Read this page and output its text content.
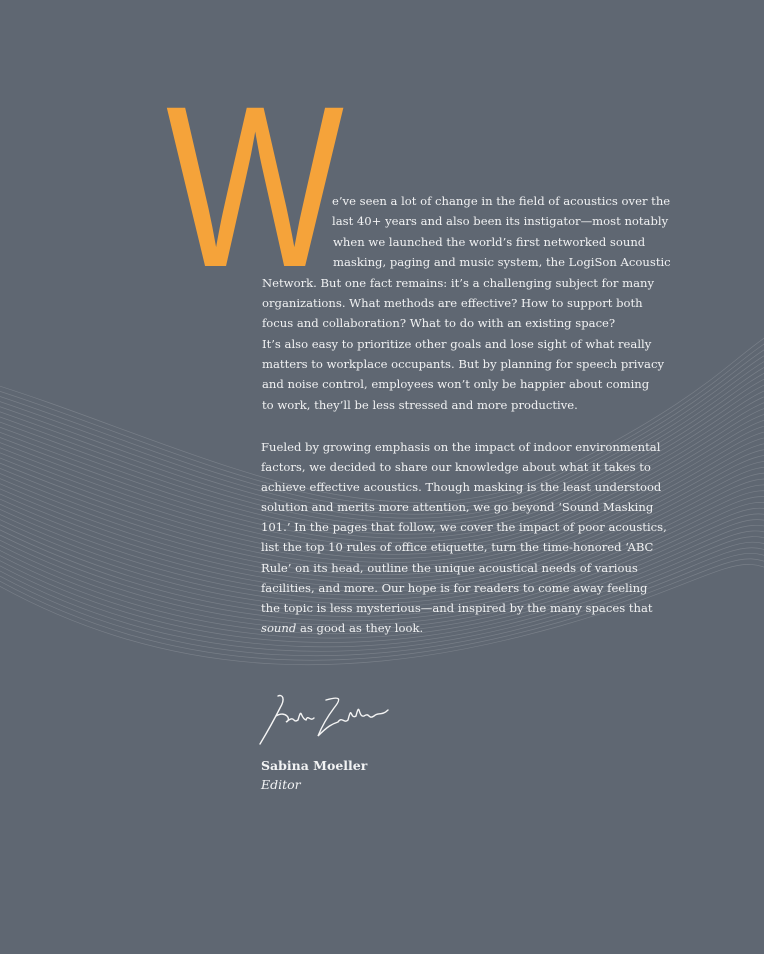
W
e’ve seen a lot of change in the field of acoustics over the
last 40+ years and also been its instigator—most notably
when we launched the world’s first networked sound
masking, paging and music system, the LogiSon Acoustic
Network. But one fact remains: it’s a challenging subject for many
organizations. What methods are effective? How to support both
focus and collaboration? What to do with an existing space?
It’s also easy to prioritize other goals and lose sight of what really
matters to workplace occupants. But by planning for speech privacy
and noise control, employees won’t only be happier about coming
to work, they’ll be less stressed and more productive.
Fueled by growing emphasis on the impact of indoor environmental
factors, we decided to share our knowledge about what it takes to
achieve effective acoustics. Though masking is the least understood
solution and merits more attention, we go beyond ‘Sound Masking
101.’ In the pages that follow, we cover the impact of poor acoustics,
list the top 10 rules of office etiquette, turn the time-honored ‘ABC
Rule’ on its head, outline the unique acoustical needs of various
facilities, and more. Our hope is for readers to come away feeling
the topic is less mysterious—and inspired by the many spaces that
sound as good as they look.
Sabina Moeller
Editor
